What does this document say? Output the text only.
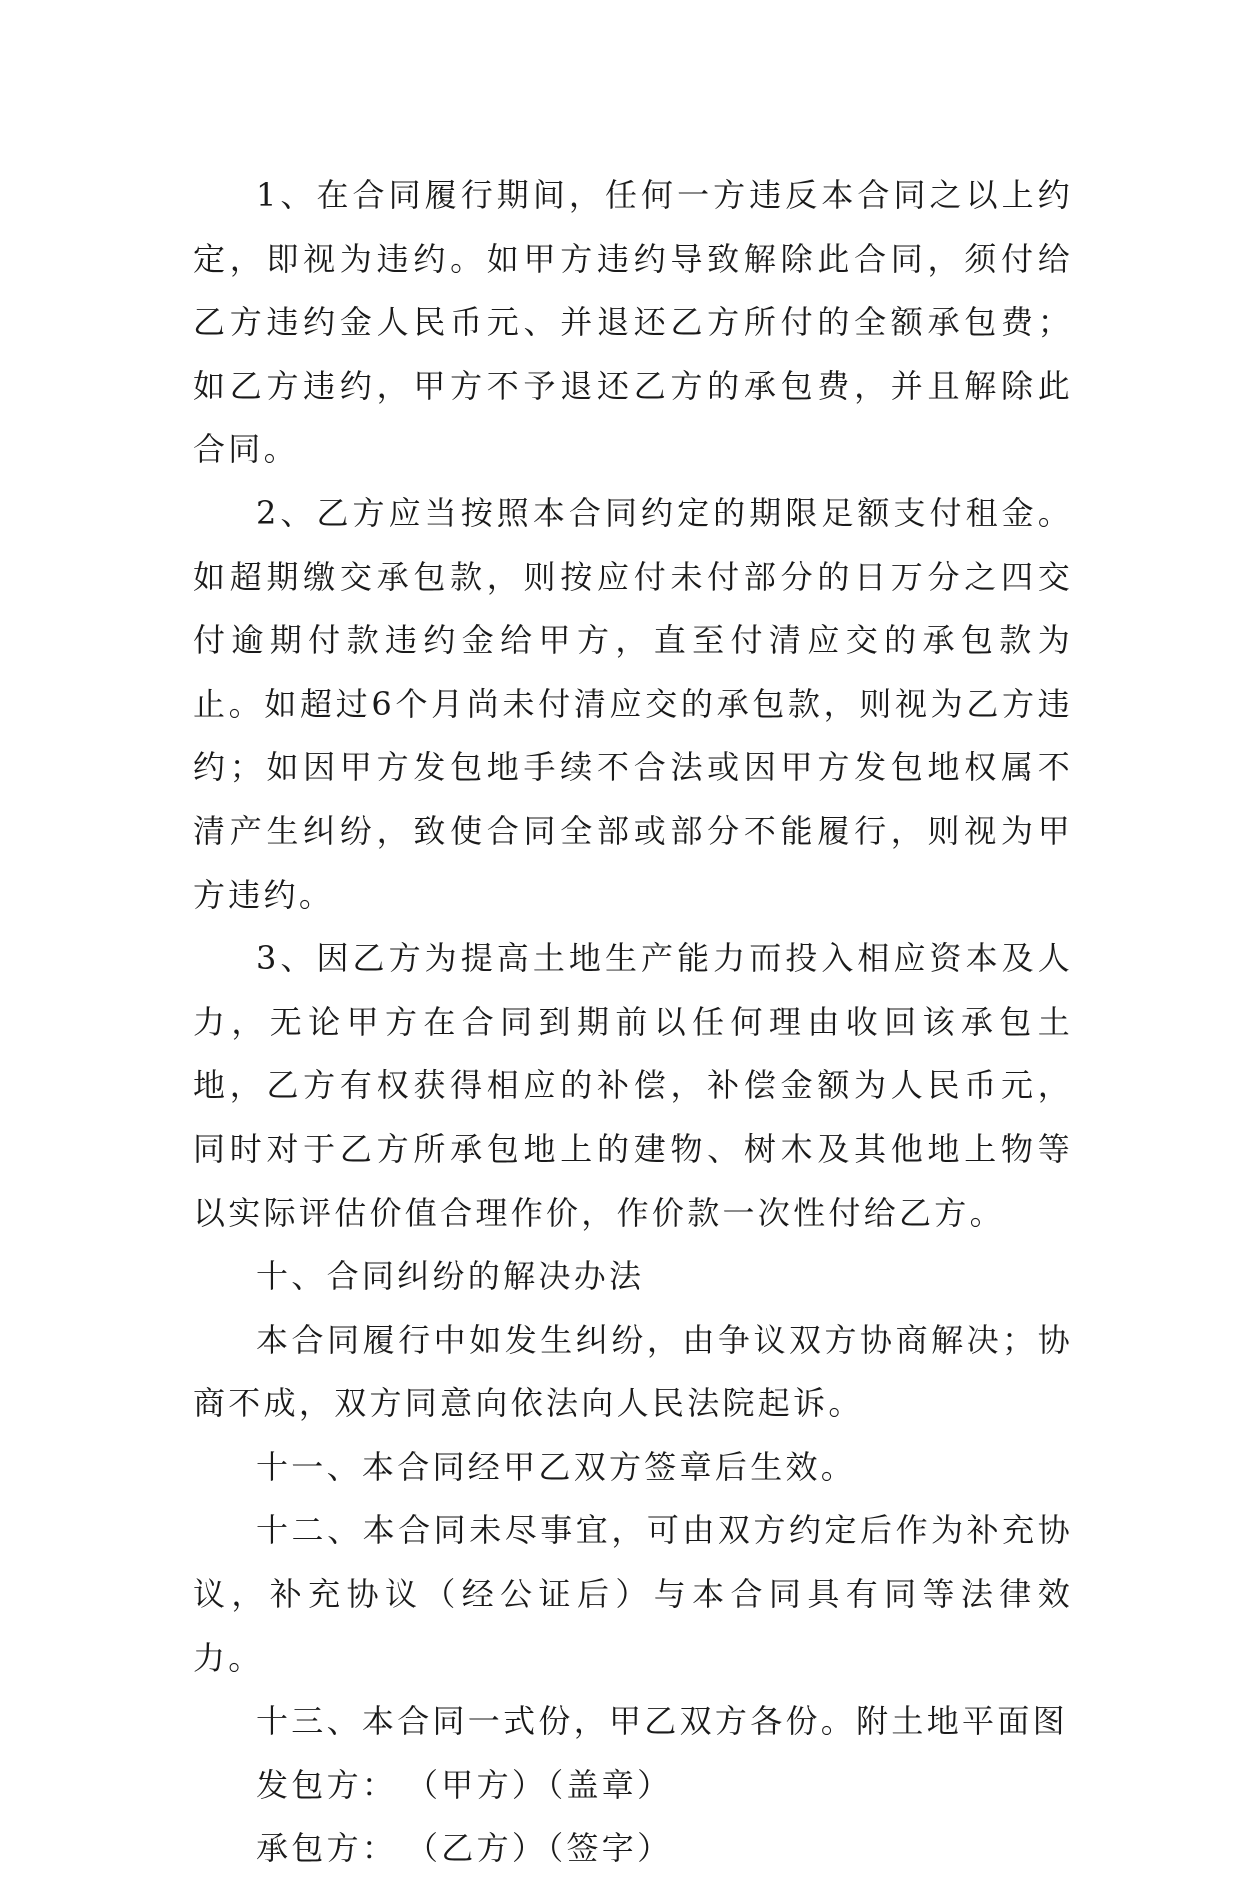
1、在合同履行期间，任何一方违反本合同之以上约定，即视为违约。如甲方违约导致解除此合同，须付给乙方违约金人民币元、并退还乙方所付的全额承包费；如乙方违约，甲方不予退还乙方的承包费，并且解除此合同。

2、乙方应当按照本合同约定的期限足额支付租金。如超期缴交承包款，则按应付未付部分的日万分之四交付逾期付款违约金给甲方，直至付清应交的承包款为止。如超过6个月尚未付清应交的承包款，则视为乙方违约；如因甲方发包地手续不合法或因甲方发包地权属不清产生纠纷，致使合同全部或部分不能履行，则视为甲方违约。

3、因乙方为提高土地生产能力而投入相应资本及人力，无论甲方在合同到期前以任何理由收回该承包土地，乙方有权获得相应的补偿，补偿金额为人民币元，同时对于乙方所承包地上的建物、树木及其他地上物等以实际评估价值合理作价，作价款一次性付给乙方。

十、合同纠纷的解决办法

本合同履行中如发生纠纷，由争议双方协商解决；协商不成，双方同意向依法向人民法院起诉。

十一、本合同经甲乙双方签章后生效。

十二、本合同未尽事宜，可由双方约定后作为补充协议，补充协议（经公证后）与本合同具有同等法律效力。

十三、本合同一式份，甲乙双方各份。附土地平面图

发包方： （甲方）（盖章）
承包方： （乙方）（签字）
